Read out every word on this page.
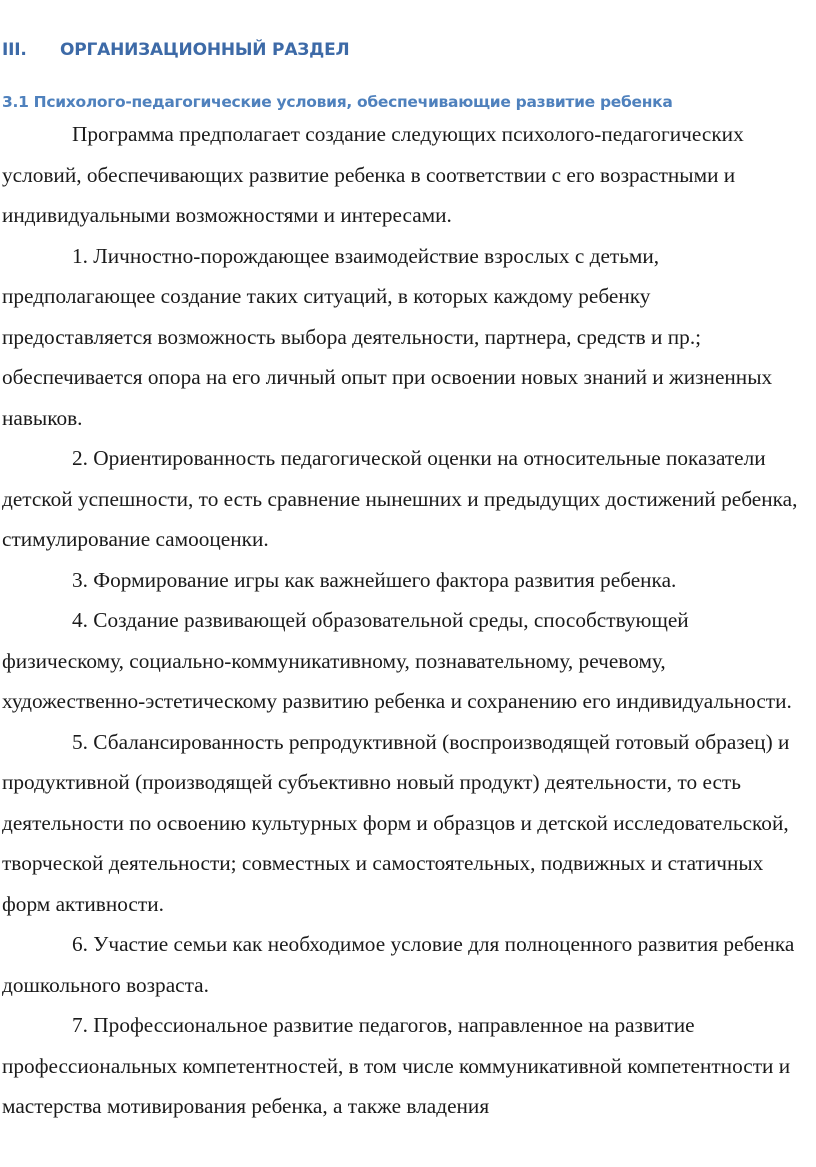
III. ОРГАНИЗАЦИОННЫЙ РАЗДЕЛ
3.1 Психолого-педагогические условия, обеспечивающие развитие ребенка

Программа предполагает создание следующих психолого-педагогических условий, обеспечивающих развитие ребенка в соответствии с его возрастными и индивидуальными возможностями и интересами.

1. Личностно-порождающее взаимодействие взрослых с детьми, предполагающее создание таких ситуаций, в которых каждому ребенку предоставляется возможность выбора деятельности, партнера, средств и пр.; обеспечивается опора на его личный опыт при освоении новых знаний и жизненных навыков.

2. Ориентированность педагогической оценки на относительные показатели детской успешности, то есть сравнение нынешних и предыдущих достижений ребенка, стимулирование самооценки.

3. Формирование игры как важнейшего фактора развития ребенка.

4. Создание развивающей образовательной среды, способствующей физическому, социально-коммуникативному, познавательному, речевому, художественно-эстетическому развитию ребенка и сохранению его индивидуальности.

5. Сбалансированность репродуктивной (воспроизводящей готовый образец) и продуктивной (производящей субъективно новый продукт) деятельности, то есть деятельности по освоению культурных форм и образцов и детской исследовательской, творческой деятельности; совместных и самостоятельных, подвижных и статичных форм активности.

6. Участие семьи как необходимое условие для полноценного развития ребенка дошкольного возраста.

7. Профессиональное развитие педагогов, направленное на развитие профессиональных компетентностей, в том числе коммуникативной компетентности и мастерства мотивирования ребенка, а также владения
